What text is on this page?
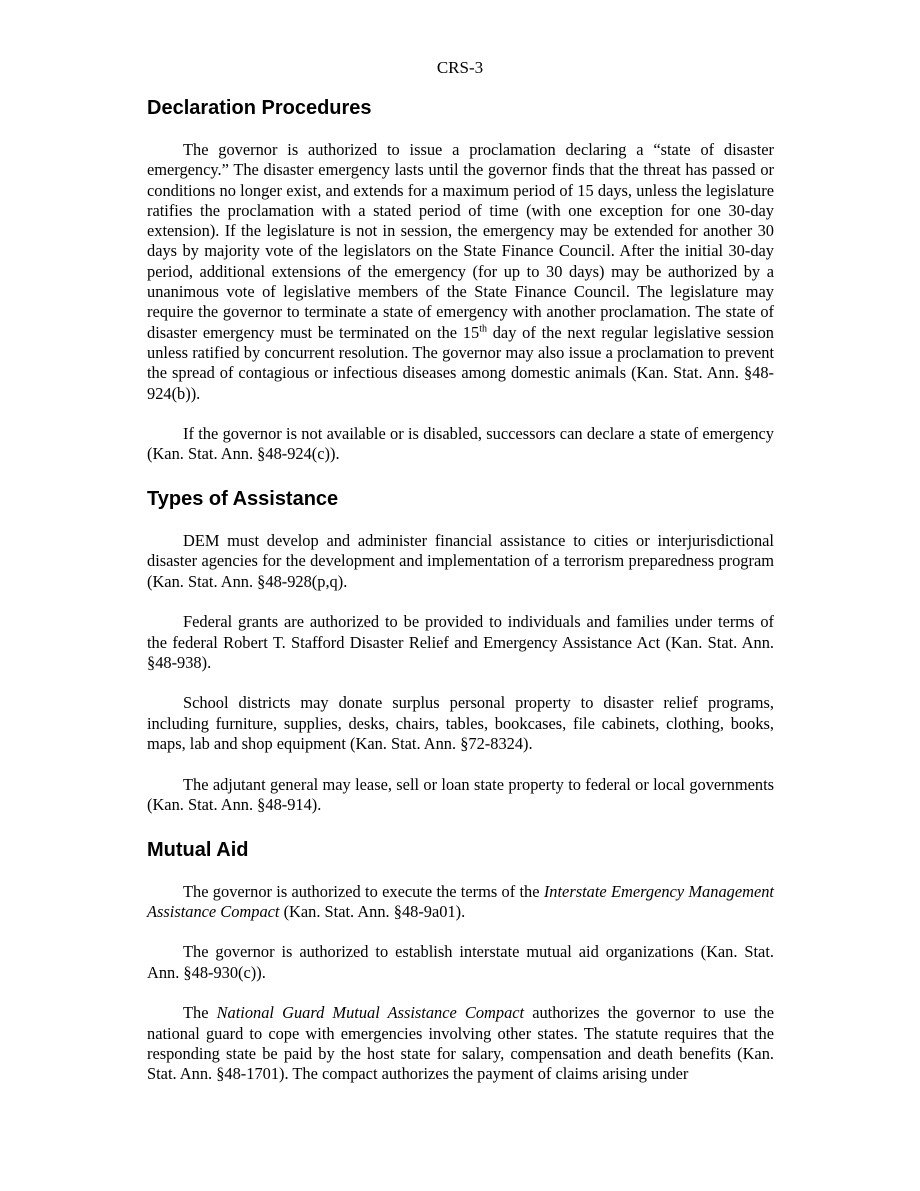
CRS-3
Declaration Procedures

The governor is authorized to issue a proclamation declaring a “state of disaster emergency.” The disaster emergency lasts until the governor finds that the threat has passed or conditions no longer exist, and extends for a maximum period of 15 days, unless the legislature ratifies the proclamation with a stated period of time (with one exception for one 30-day extension). If the legislature is not in session, the emergency may be extended for another 30 days by majority vote of the legislators on the State Finance Council. After the initial 30-day period, additional extensions of the emergency (for up to 30 days) may be authorized by a unanimous vote of legislative members of the State Finance Council. The legislature may require the governor to terminate a state of emergency with another proclamation. The state of disaster emergency must be terminated on the 15th day of the next regular legislative session unless ratified by concurrent resolution. The governor may also issue a proclamation to prevent the spread of contagious or infectious diseases among domestic animals (Kan. Stat. Ann. §48-924(b)).

If the governor is not available or is disabled, successors can declare a state of emergency (Kan. Stat. Ann. §48-924(c)).

Types of Assistance

DEM must develop and administer financial assistance to cities or interjurisdictional disaster agencies for the development and implementation of a terrorism preparedness program (Kan. Stat. Ann. §48-928(p,q).

Federal grants are authorized to be provided to individuals and families under terms of the federal Robert T. Stafford Disaster Relief and Emergency Assistance Act (Kan. Stat. Ann. §48-938).

School districts may donate surplus personal property to disaster relief programs, including furniture, supplies, desks, chairs, tables, bookcases, file cabinets, clothing, books, maps, lab and shop equipment (Kan. Stat. Ann. §72-8324).

The adjutant general may lease, sell or loan state property to federal or local governments (Kan. Stat. Ann. §48-914).

Mutual Aid

The governor is authorized to execute the terms of the Interstate Emergency Management Assistance Compact (Kan. Stat. Ann. §48-9a01).

The governor is authorized to establish interstate mutual aid organizations (Kan. Stat. Ann. §48-930(c)).

The National Guard Mutual Assistance Compact authorizes the governor to use the national guard to cope with emergencies involving other states. The statute requires that the responding state be paid by the host state for salary, compensation and death benefits (Kan. Stat. Ann. §48-1701). The compact authorizes the payment of claims arising under
